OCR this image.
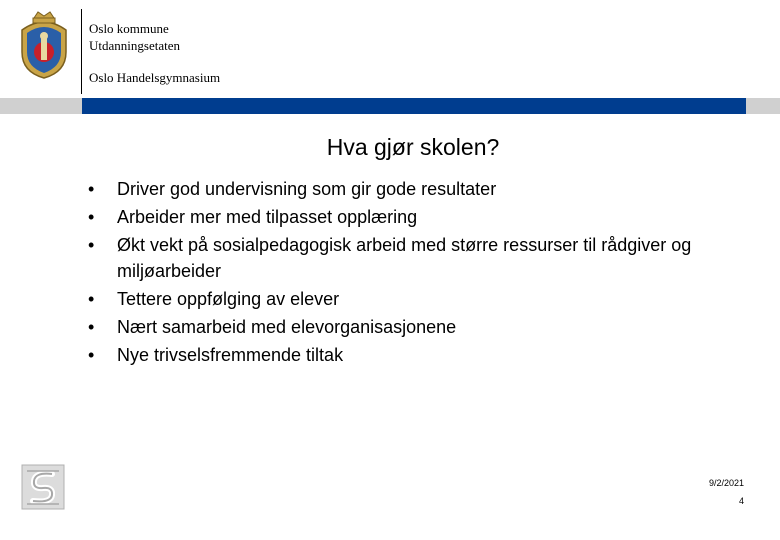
Oslo kommune
Utdanningsetaten
Oslo Handelsgymnasium
Hva gjør skolen?
• Driver god undervisning som gir gode resultater
• Arbeider mer med tilpasset opplæring
• Økt vekt på sosialpedagogisk arbeid med større ressurser til rådgiver og miljøarbeider
• Tettere oppfølging av elever
• Nært samarbeid med elevorganisasjonene
• Nye trivselsfremmende tiltak
9/2/2021
4
